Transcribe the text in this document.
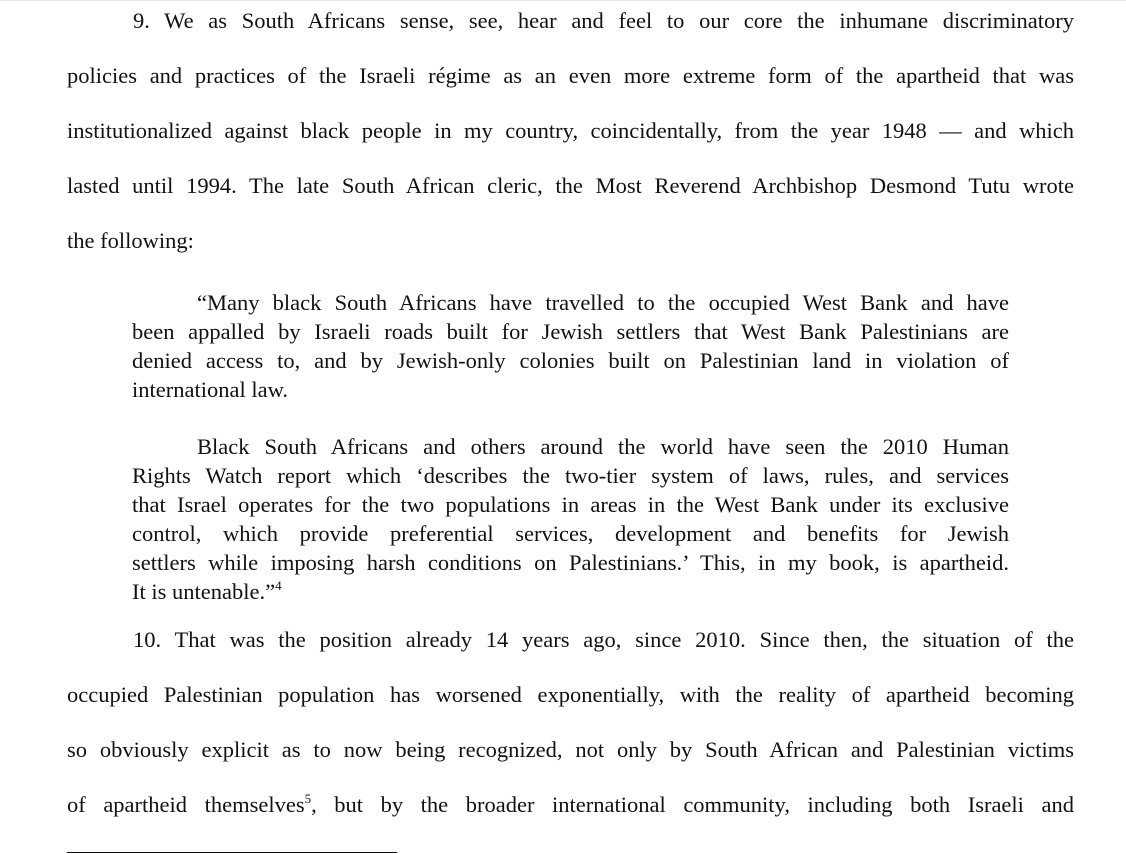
9. We as South Africans sense, see, hear and feel to our core the inhumane discriminatory
policies and practices of the Israeli régime as an even more extreme form of the apartheid that was
institutionalized against black people in my country, coincidentally, from the year 1948 — and which
lasted until 1994. The late South African cleric, the Most Reverend Archbishop Desmond Tutu wrote
the following:
“Many black South Africans have travelled to the occupied West Bank and have
been appalled by Israeli roads built for Jewish settlers that West Bank Palestinians are
denied access to, and by Jewish-only colonies built on Palestinian land in violation of
international law.
Black South Africans and others around the world have seen the 2010 Human
Rights Watch report which ‘describes the two-tier system of laws, rules, and services
that Israel operates for the two populations in areas in the West Bank under its exclusive
control, which provide preferential services, development and benefits for Jewish
settlers while imposing harsh conditions on Palestinians.’ This, in my book, is apartheid.
It is untenable.”$^4$
10. That was the position already 14 years ago, since 2010. Since then, the situation of the
occupied Palestinian population has worsened exponentially, with the reality of apartheid becoming
so obviously explicit as to now being recognized, not only by South African and Palestinian victims
of apartheid themselves$^5$, but by the broader international community, including both Israeli and
